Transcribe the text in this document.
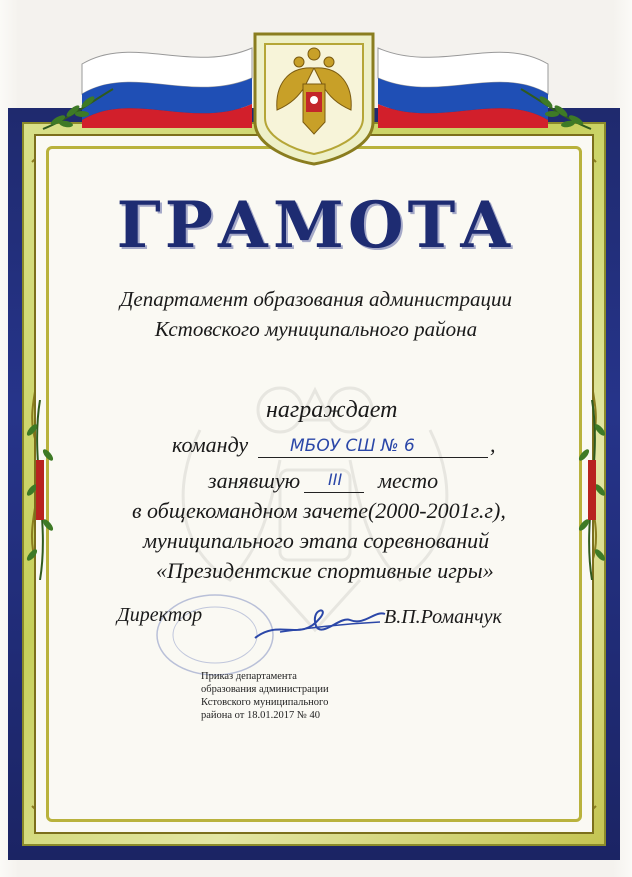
ГРАМОТА
Департамент образования администрации
Кстовского муниципального района
награждает
команду МБОУ СШ № 6	,
занявшую III место
в общекомандном зачете(2000-2001г.г),
муниципального этапа соревнований
«Президентские спортивные игры»
Директор	В.П.Романчук
Приказ департамента
образования администрации
Кстовского муниципального
района от 18.01.2017 № 40
